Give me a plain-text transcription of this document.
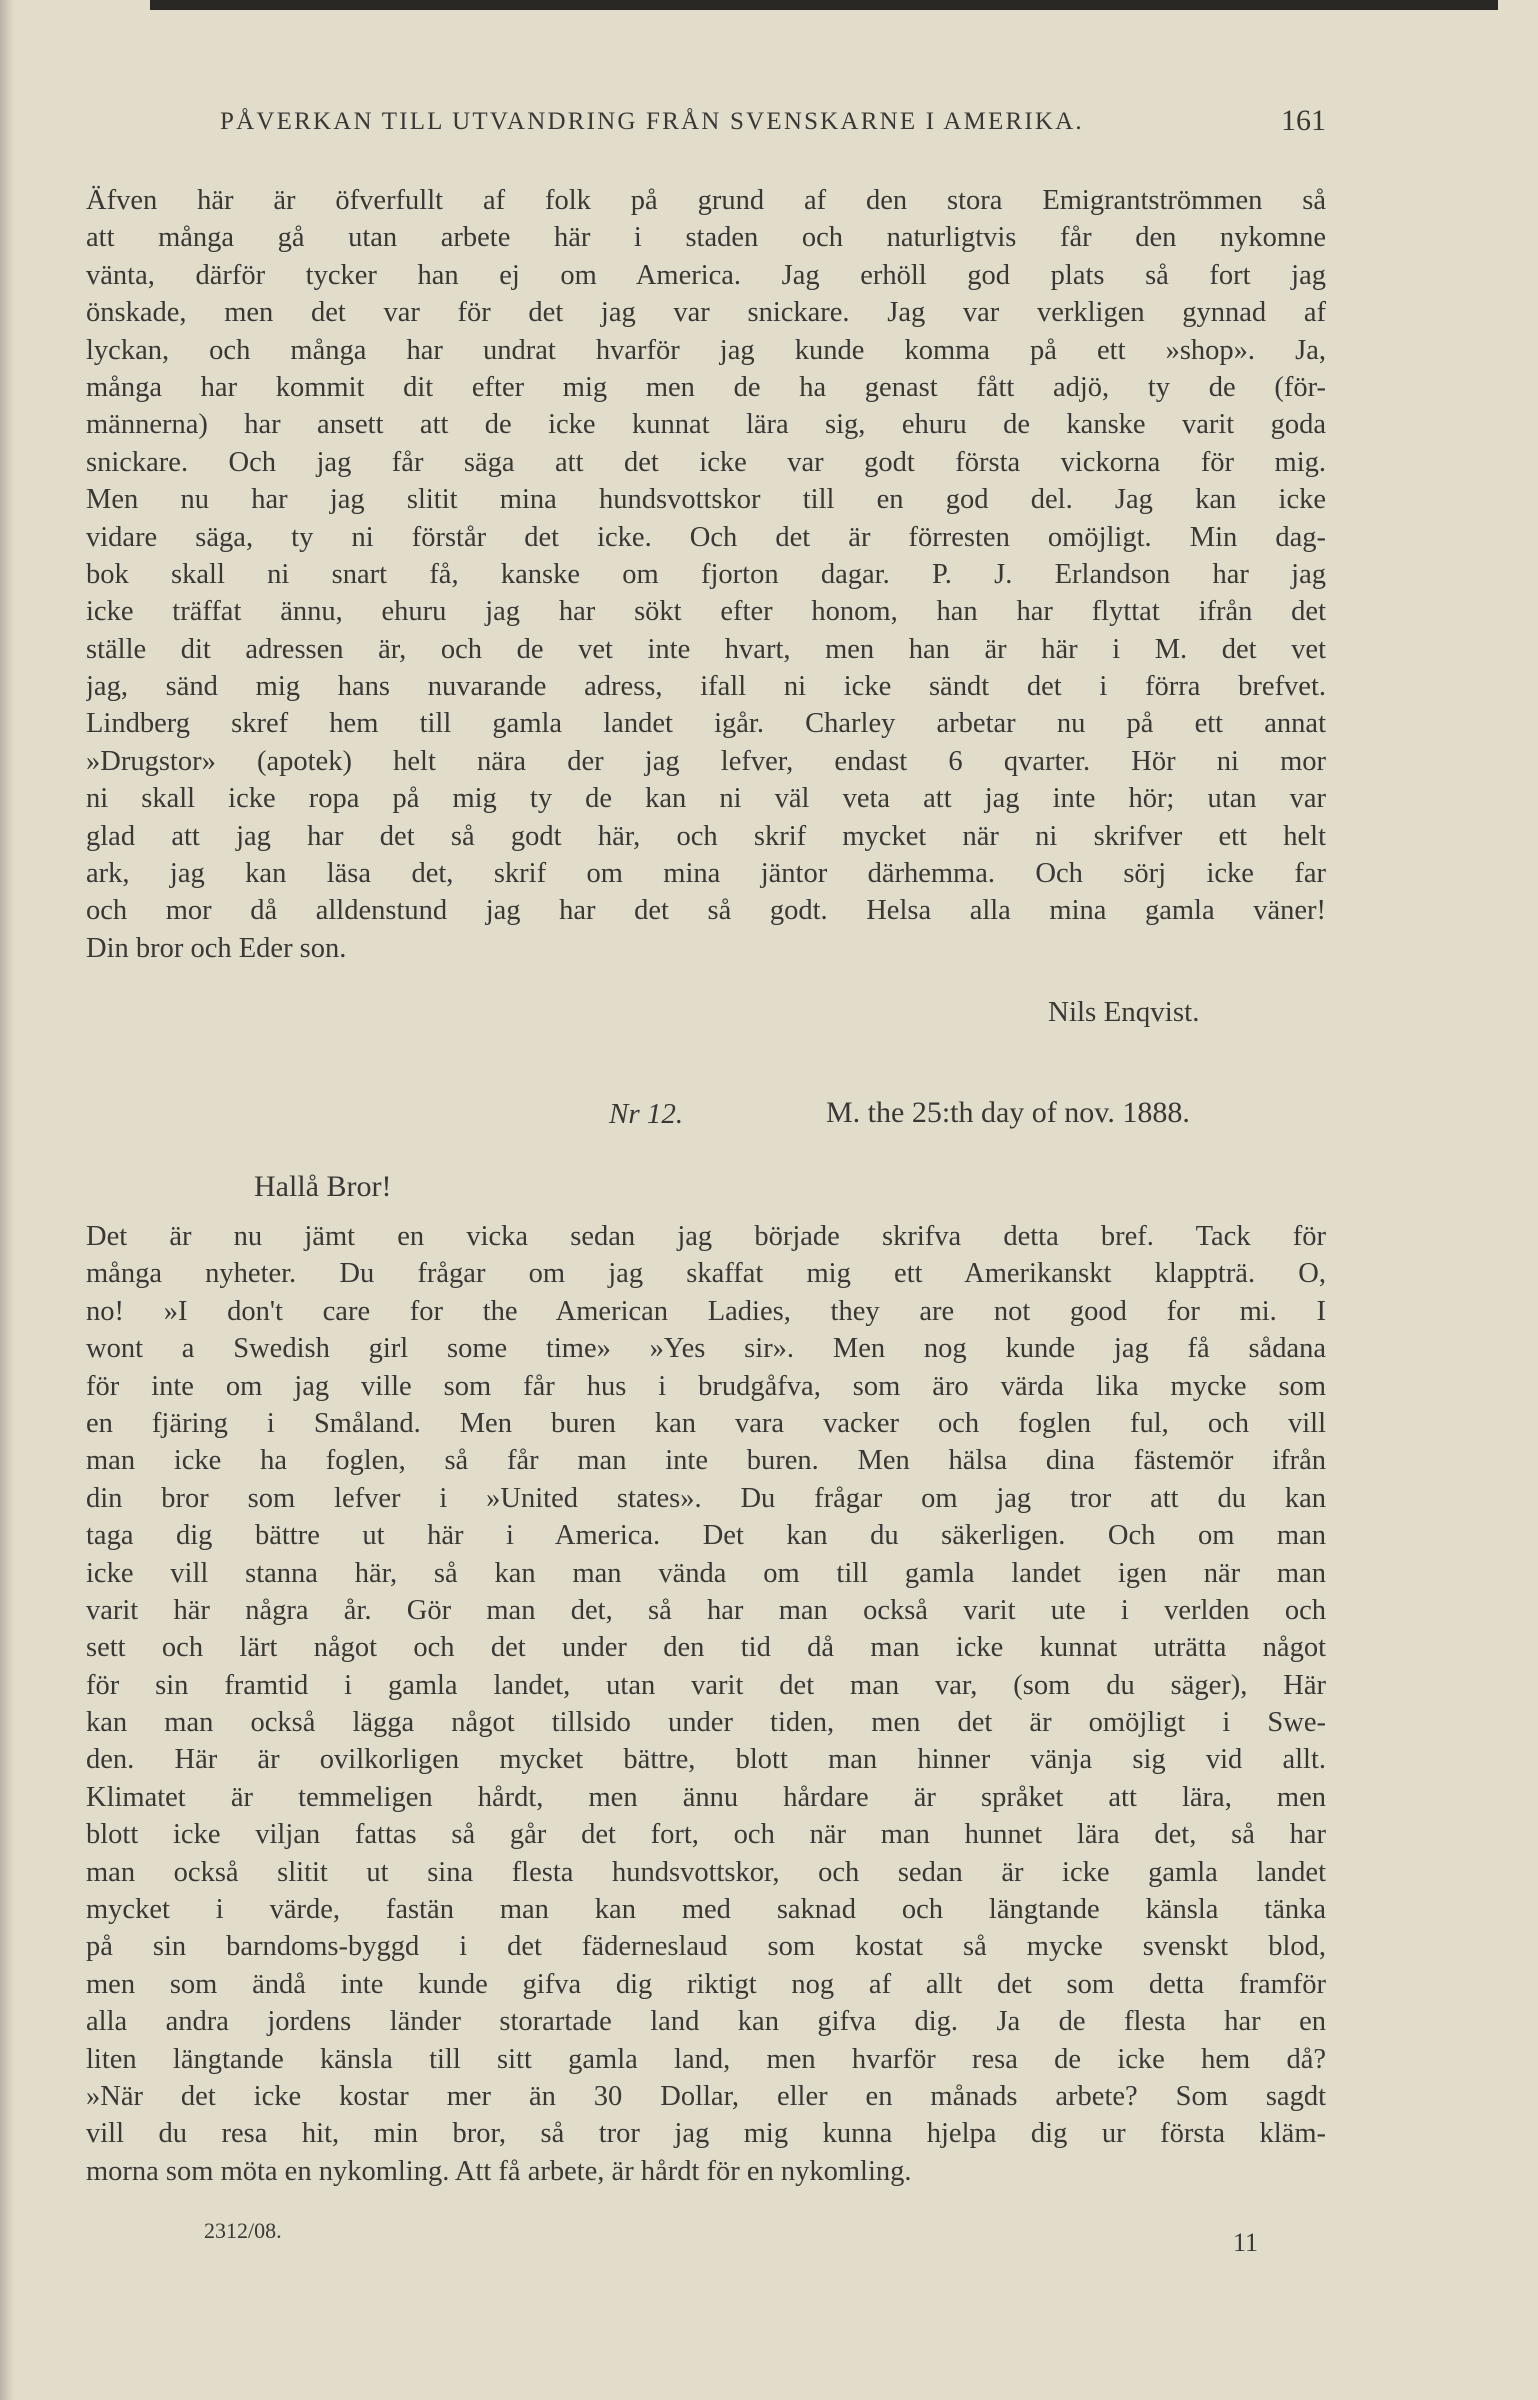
PÅVERKAN TILL UTVANDRING FRÅN SVENSKARNE I AMERIKA.	161
Äfven här är öfverfullt af folk på grund af den stora Emigrantströmmen så
att många gå utan arbete här i staden och naturligtvis får den nykomne
vänta, därför tycker han ej om America. Jag erhöll god plats så fort jag
önskade, men det var för det jag var snickare. Jag var verkligen gynnad af
lyckan, och många har undrat hvarför jag kunde komma på ett »shop». Ja,
många har kommit dit efter mig men de ha genast fått adjö, ty de (för-
männerna) har ansett att de icke kunnat lära sig, ehuru de kanske varit goda
snickare. Och jag får säga att det icke var godt första vickorna för mig.
Men nu har jag slitit mina hundsvottskor till en god del. Jag kan icke
vidare säga, ty ni förstår det icke. Och det är förresten omöjligt. Min dag-
bok skall ni snart få, kanske om fjorton dagar. P. J. Erlandson har jag
icke träffat ännu, ehuru jag har sökt efter honom, han har flyttat ifrån det
ställe dit adressen är, och de vet inte hvart, men han är här i M. det vet
jag, sänd mig hans nuvarande adress, ifall ni icke sändt det i förra brefvet.
Lindberg skref hem till gamla landet igår. Charley arbetar nu på ett annat
»Drugstor» (apotek) helt nära der jag lefver, endast 6 qvarter. Hör ni mor
ni skall icke ropa på mig ty de kan ni väl veta att jag inte hör; utan var
glad att jag har det så godt här, och skrif mycket när ni skrifver ett helt
ark, jag kan läsa det, skrif om mina jäntor därhemma. Och sörj icke far
och mor då alldenstund jag har det så godt. Helsa alla mina gamla väner!
Din bror och Eder son.
Nils Enqvist.
Nr 12.	M. the 25:th day of nov. 1888.
Hallå Bror!
Det är nu jämt en vicka sedan jag började skrifva detta bref. Tack för
många nyheter. Du frågar om jag skaffat mig ett Amerikanskt klappträ. O,
no! »I don't care for the American Ladies, they are not good for mi. I
wont a Swedish girl some time» »Yes sir». Men nog kunde jag få sådana
för inte om jag ville som får hus i brudgåfva, som äro värda lika mycke som
en fjäring i Småland. Men buren kan vara vacker och foglen ful, och vill
man icke ha foglen, så får man inte buren. Men hälsa dina fästemör ifrån
din bror som lefver i »United states». Du frågar om jag tror att du kan
taga dig bättre ut här i America. Det kan du säkerligen. Och om man
icke vill stanna här, så kan man vända om till gamla landet igen när man
varit här några år. Gör man det, så har man också varit ute i verlden och
sett och lärt något och det under den tid då man icke kunnat uträtta något
för sin framtid i gamla landet, utan varit det man var, (som du säger), Här
kan man också lägga något tillsido under tiden, men det är omöjligt i Swe-
den. Här är ovilkorligen mycket bättre, blott man hinner vänja sig vid allt.
Klimatet är temmeligen hårdt, men ännu hårdare är språket att lära, men
blott icke viljan fattas så går det fort, och när man hunnet lära det, så har
man också slitit ut sina flesta hundsvottskor, och sedan är icke gamla landet
mycket i värde, fastän man kan med saknad och längtande känsla tänka
på sin barndoms-byggd i det fäderneslaud som kostat så mycke svenskt blod,
men som ändå inte kunde gifva dig riktigt nog af allt det som detta framför
alla andra jordens länder storartade land kan gifva dig. Ja de flesta har en
liten längtande känsla till sitt gamla land, men hvarför resa de icke hem då?
»När det icke kostar mer än 30 Dollar, eller en månads arbete? Som sagdt
vill du resa hit, min bror, så tror jag mig kunna hjelpa dig ur första kläm-
morna som möta en nykomling. Att få arbete, är hårdt för en nykomling.
2312/08.	11
